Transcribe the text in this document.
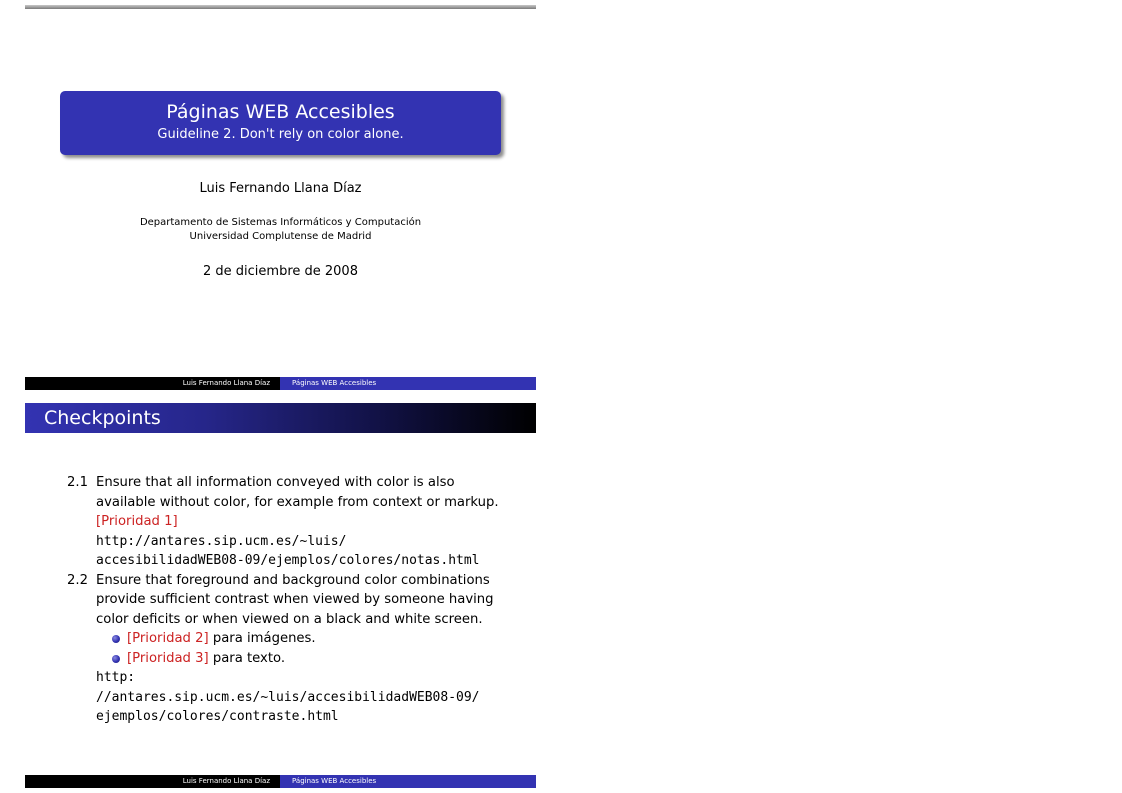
Páginas WEB Accesibles
Guideline 2. Don't rely on color alone.
Luis Fernando Llana Díaz
Departamento de Sistemas Informáticos y Computación
Universidad Complutense de Madrid
2 de diciembre de 2008
Luis Fernando Llana Díaz	Páginas WEB Accesibles
Checkpoints
2.1 Ensure that all information conveyed with color is also
available without color, for example from context or markup.
[Prioridad 1]
http://antares.sip.ucm.es/~luis/
accesibilidadWEB08-09/ejemplos/colores/notas.html
2.2 Ensure that foreground and background color combinations
provide sufficient contrast when viewed by someone having
color deficits or when viewed on a black and white screen.
[Prioridad 2] para imágenes.
[Prioridad 3] para texto.
http:
//antares.sip.ucm.es/~luis/accesibilidadWEB08-09/
ejemplos/colores/contraste.html
Luis Fernando Llana Díaz	Páginas WEB Accesibles
